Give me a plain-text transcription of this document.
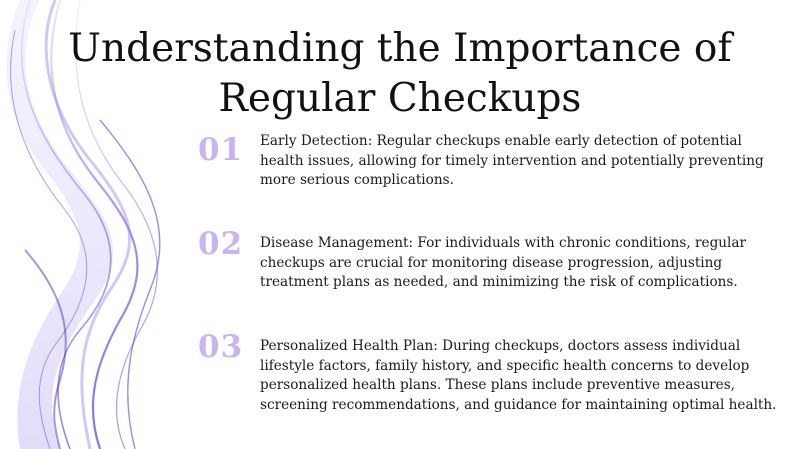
Understanding the Importance of
Regular Checkups
01	Early Detection: Regular checkups enable early detection of potential health issues, allowing for timely intervention and potentially preventing more serious complications.

02	Disease Management: For individuals with chronic conditions, regular checkups are crucial for monitoring disease progression, adjusting treatment plans as needed, and minimizing the risk of complications.

03	Personalized Health Plan: During checkups, doctors assess individual lifestyle factors, family history, and specific health concerns to develop personalized health plans. These plans include preventive measures, screening recommendations, and guidance for maintaining optimal health.
